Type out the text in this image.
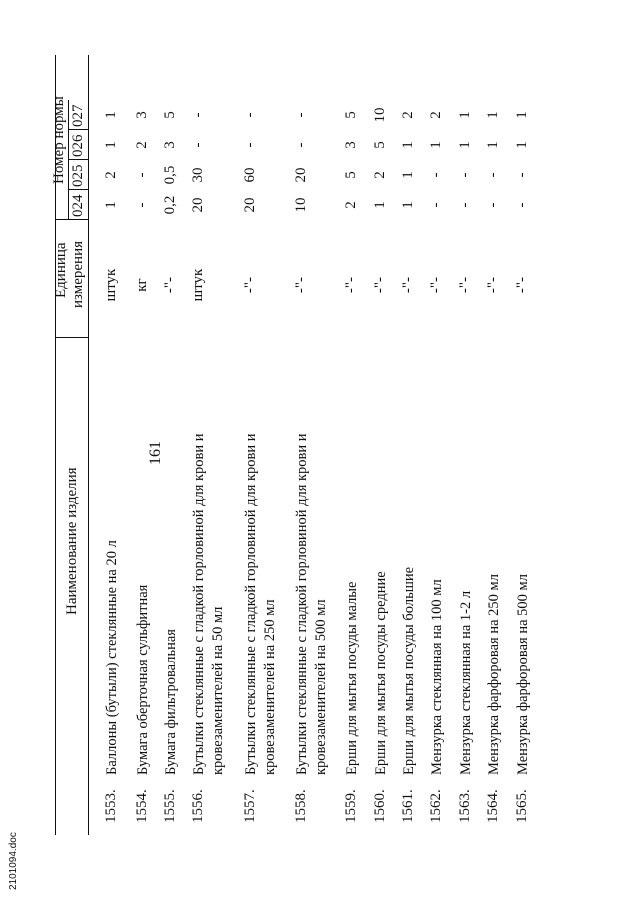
2101094.doc
161
Наименование изделия
Единица измерения
Номер нормы
024
025
026
027
1553.
Баллоны (бутыли) стеклянные на 20 л
штук
1
2
1
1
1554.
Бумага оберточная сульфитная
кг
-
-
2
3
1555.
Бумага фильтровальная
-"-
0,2
0,5
3
5
1556.
Бутылки стеклянные с гладкой горловиной для крови и кровезаменителей на 50 мл
штук
20
30
-
-
1557.
Бутылки стеклянные с гладкой горловиной для крови и кровезаменителей на 250 мл
-"-
20
60
-
-
1558.
Бутылки стеклянные с гладкой горловиной для крови и кровезаменителей на 500 мл
-"-
10
20
-
-
1559.
Ерши для мытья посуды малые
-"-
2
5
3
5
1560.
Ерши для мытья посуды средние
-"-
1
2
5
10
1561.
Ерши для мытья посуды большие
-"-
1
1
1
2
1562.
Мензурка стеклянная на 100 мл
-"-
-
-
1
2
1563.
Мензурка стеклянная на 1-2 л
-"-
-
-
1
1
1564.
Мензурка фарфоровая на 250 мл
-"-
-
-
1
1
1565.
Мензурка фарфоровая на 500 мл
-"-
-
-
1
1
